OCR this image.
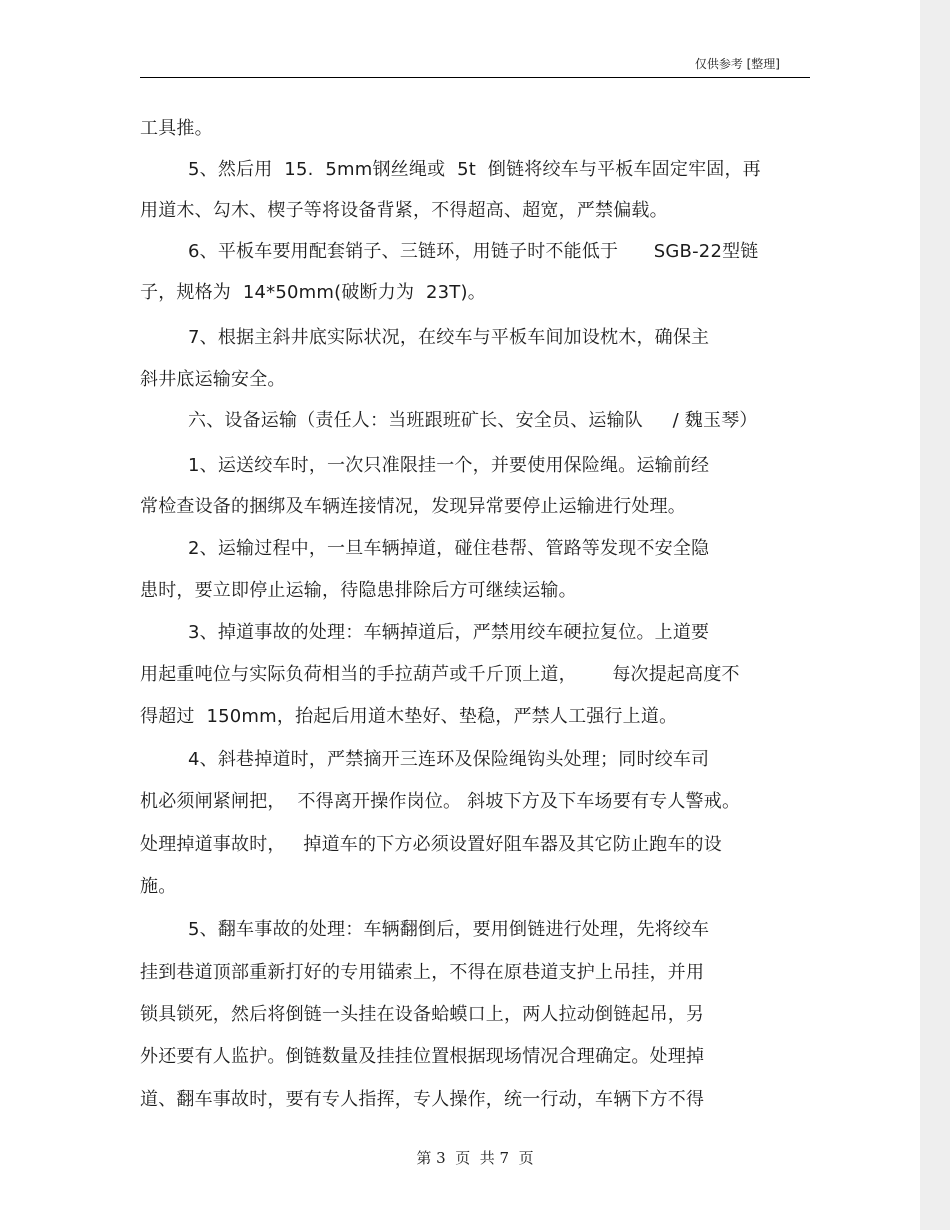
仅供参考 [整理]
工具推。
5、然后用  15.  5mm钢丝绳或  5t  倒链将绞车与平板车固定牢固，再
用道木、勾木、楔子等将设备背紧，不得超高、超宽，严禁偏载。
6、平板车要用配套销子、三链环，用链子时不能低于      SGB-22型链
子，规格为  14*50mm(破断力为  23T)。
7、根据主斜井底实际状况，在绞车与平板车间加设枕木，确保主
斜井底运输安全。
六、设备运输（责任人：当班跟班矿长、安全员、运输队     / 魏玉琴）
1、运送绞车时，一次只准限挂一个，并要使用保险绳。运输前经
常检查设备的捆绑及车辆连接情况，发现异常要停止运输进行处理。
2、运输过程中，一旦车辆掉道，碰住巷帮、管路等发现不安全隐
患时，要立即停止运输，待隐患排除后方可继续运输。
3、掉道事故的处理：车辆掉道后，严禁用绞车硬拉复位。上道要
用起重吨位与实际负荷相当的手拉葫芦或千斤顶上道，      每次提起高度不
得超过  150mm，抬起后用道木垫好、垫稳，严禁人工强行上道。
4、斜巷掉道时，严禁摘开三连环及保险绳钩头处理；同时绞车司
机必须闸紧闸把，  不得离开操作岗位。 斜坡下方及下车场要有专人警戒。
处理掉道事故时，   掉道车的下方必须设置好阻车器及其它防止跑车的设
施。
5、翻车事故的处理：车辆翻倒后，要用倒链进行处理，先将绞车
挂到巷道顶部重新打好的专用锚索上，不得在原巷道支护上吊挂，并用
锁具锁死，然后将倒链一头挂在设备蛤蟆口上，两人拉动倒链起吊，另
外还要有人监护。倒链数量及挂挂位置根据现场情况合理确定。处理掉
道、翻车事故时，要有专人指挥，专人操作，统一行动，车辆下方不得
第 3  页  共 7  页
